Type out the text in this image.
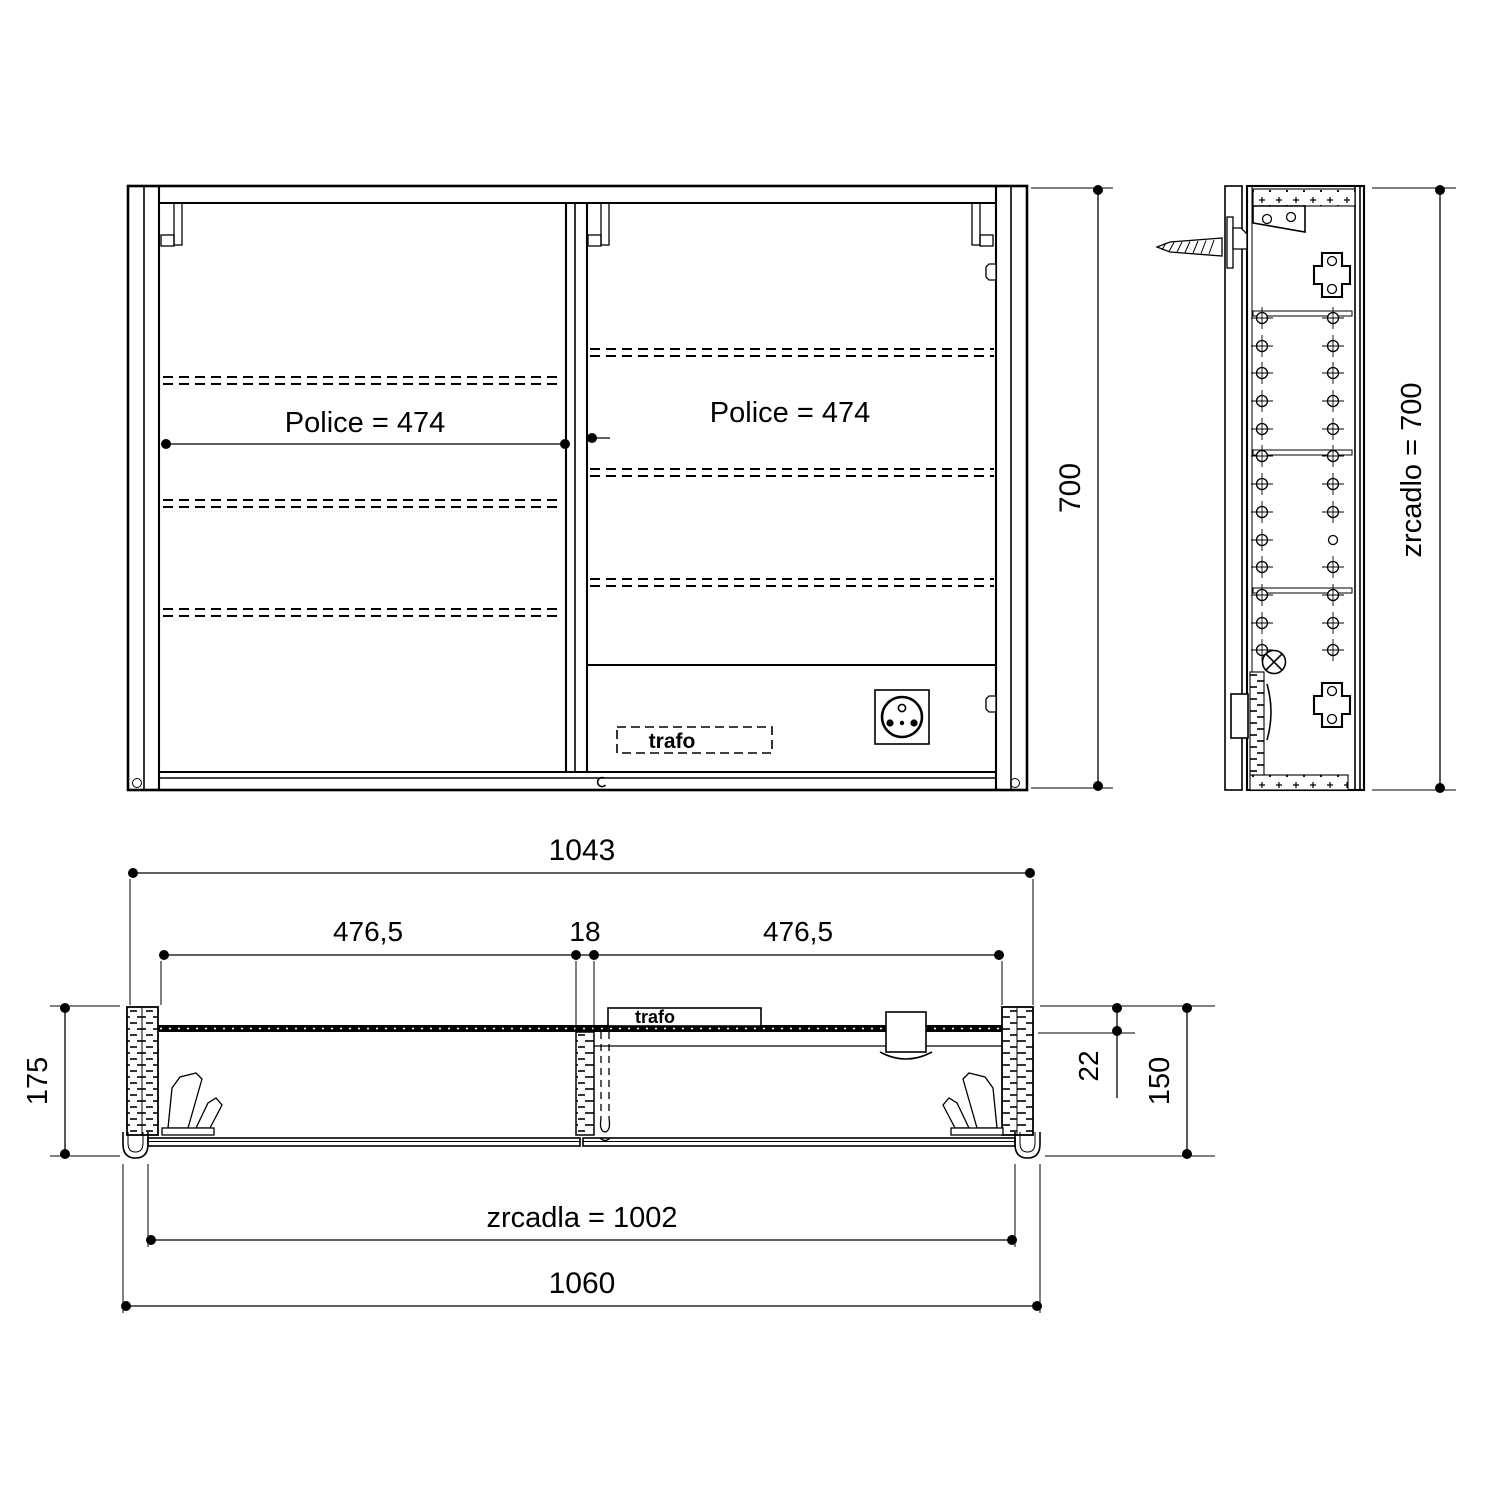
Police = 474	Police = 474
trafo
700	zrcadlo = 700
trafo
1043
476,5	18	476,5
175	22 150
zrcadla = 1002
1060
